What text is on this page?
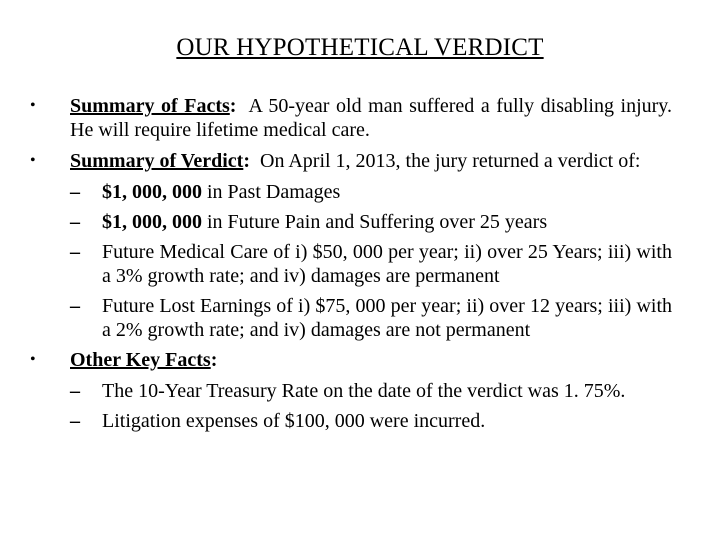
OUR HYPOTHETICAL VERDICT
• Summary of Facts: A 50-year old man suffered a fully disabling injury. He will require lifetime medical care.
• Summary of Verdict: On April 1, 2013, the jury returned a verdict of:
– $1, 000, 000 in Past Damages
– $1, 000, 000 in Future Pain and Suffering over 25 years
– Future Medical Care of i) $50, 000 per year; ii) over 25 Years; iii) with a 3% growth rate; and iv) damages are permanent
– Future Lost Earnings of i) $75, 000 per year; ii) over 12 years; iii) with a 2% growth rate; and iv) damages are not permanent
• Other Key Facts:
– The 10-Year Treasury Rate on the date of the verdict was 1. 75%.
– Litigation expenses of $100, 000 were incurred.
